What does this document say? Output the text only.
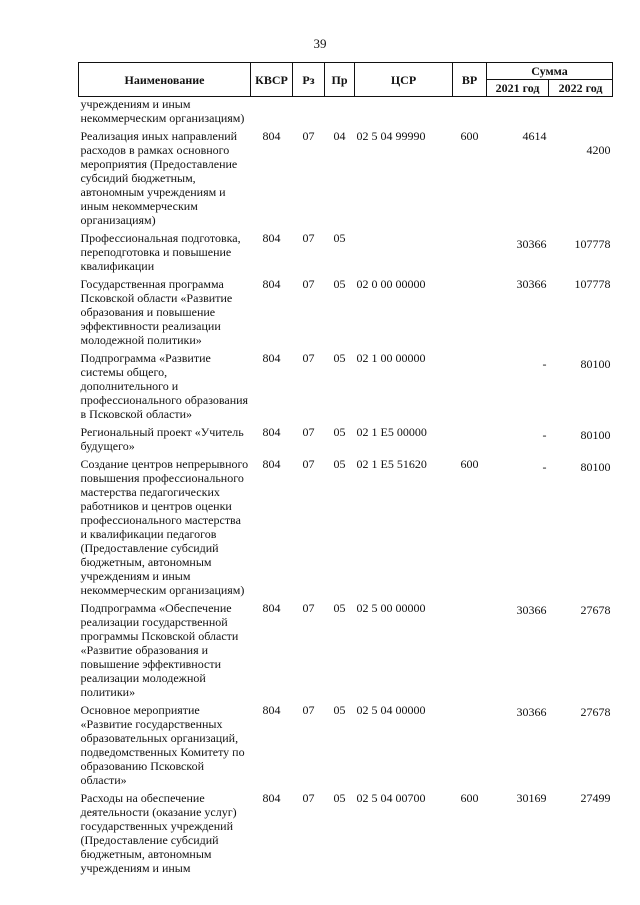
39
Наименование	КВСР	Рз	Пр	ЦСР	ВР	Сумма	
						2021 год	2022 год
учреждениям и иным некоммерческим организациям)							
Реализация иных направлений расходов в рамках основного мероприятия (Предоставление субсидий бюджетным, автономным учреждениям и иным некоммерческим организациям)	804	07	04	02 5 04 99990	600	4614	4200
Профессиональная подготовка, переподготовка и повышение квалификации	804	07	05			30366	107778
Государственная программа Псковской области «Развитие образования и повышение эффективности реализации молодежной политики»	804	07	05	02 0 00 00000		30366	107778
Подпрограмма «Развитие системы общего, дополнительного и профессионального образования в Псковской области»	804	07	05	02 1 00 00000		-	80100
Региональный проект «Учитель будущего»	804	07	05	02 1 E5 00000		-	80100
Создание центров непрерывного повышения профессионального мастерства педагогических работников и центров оценки профессионального мастерства и квалификации педагогов (Предоставление субсидий бюджетным, автономным учреждениям и иным некоммерческим организациям)	804	07	05	02 1 E5 51620	600	-	80100
Подпрограмма «Обеспечение реализации государственной программы Псковской области «Развитие образования и повышение эффективности реализации молодежной политики»	804	07	05	02 5 00 00000		30366	27678
Основное мероприятие «Развитие государственных образовательных организаций, подведомственных Комитету по образованию Псковской области»	804	07	05	02 5 04 00000		30366	27678
Расходы на обеспечение деятельности (оказание услуг) государственных учреждений (Предоставление субсидий бюджетным, автономным учреждениям и иным	804	07	05	02 5 04 00700	600	30169	27499
